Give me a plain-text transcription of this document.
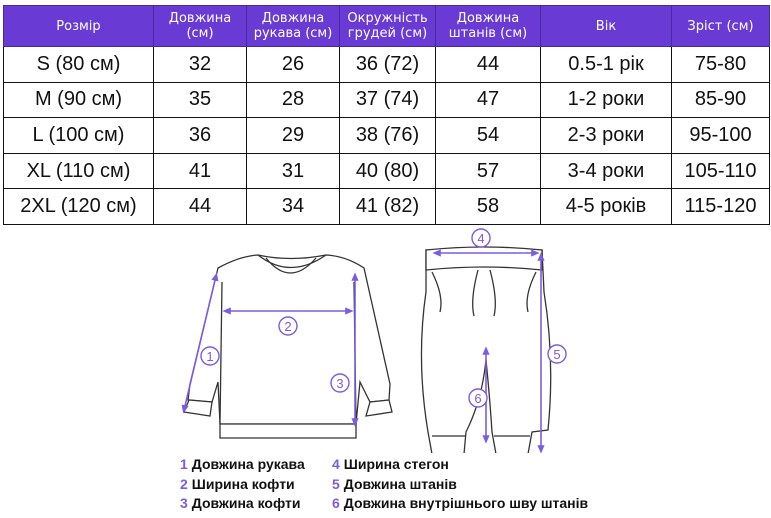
Розмір	Довжина (см)	Довжина рукава (см)	Окружність грудей (см)	Довжина штанів (см)	Вік	Зріст (см)
S (80 см)	32	26	36 (72)	44	0.5-1 рік	75-80
M (90 см)	35	28	37 (74)	47	1-2 роки	85-90
L (100 см)	36	29	38 (76)	54	2-3 роки	95-100
XL (110 см)	41	31	40 (80)	57	3-4 роки	105-110
2XL (120 см)	44	34	41 (82)	58	4-5 років	115-120
1
2
3
4
5
6
1 Довжина рукава
2 Ширина кофти
3 Довжина кофти
4 Ширина стегон
5 Довжина штанів
6 Довжина внутрішнього шву штанів
